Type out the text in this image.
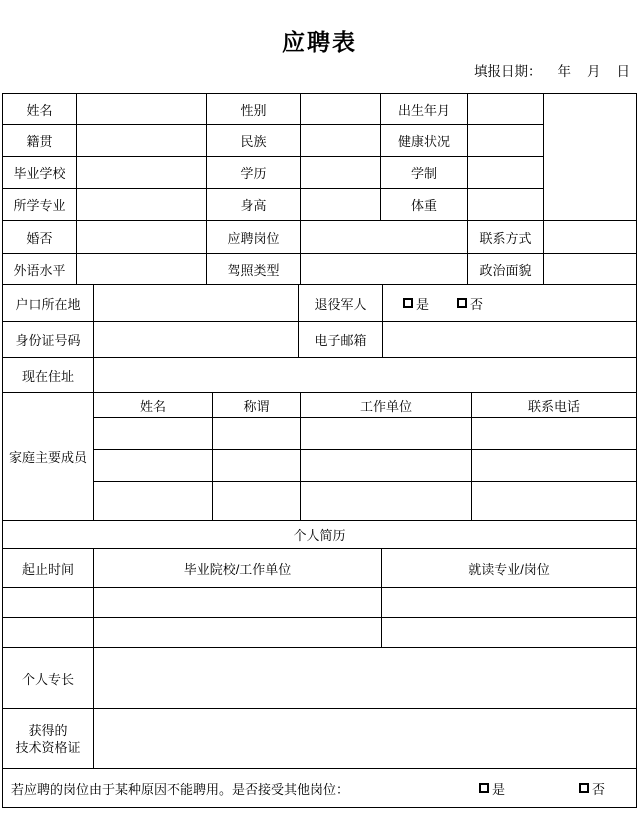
应聘表
填报日期： 年 月 日
姓名	性别	出生年月
籍贯	民族	健康状况
毕业学校	学历	学制
所学专业	身高	体重
婚否	应聘岗位	联系方式
外语水平	驾照类型	政治面貌
户口所在地	退役军人	是	否
身份证号码	电子邮箱
现在住址
家庭主要成员
姓名	称谓	工作单位	联系电话
个人简历
起止时间	毕业院校/工作单位	就读专业/岗位
个人专长
获得的
技术资格证
若应聘的岗位由于某种原因不能聘用。是否接受其他岗位：	是	否
